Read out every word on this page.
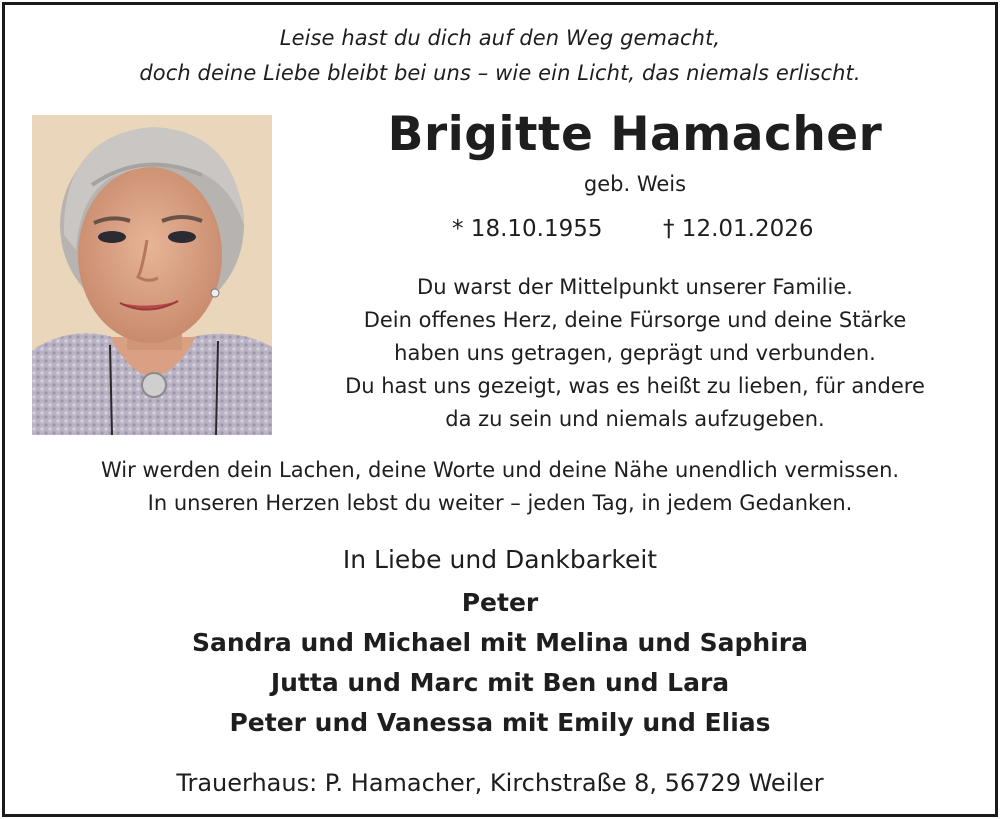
Leise hast du dich auf den Weg gemacht,
doch deine Liebe bleibt bei uns – wie ein Licht, das niemals erlischt.
Brigitte Hamacher
geb. Weis
* 18.10.1955	† 12.01.2026
Du warst der Mittelpunkt unserer Familie.
Dein offenes Herz, deine Fürsorge und deine Stärke
haben uns getragen, geprägt und verbunden.
Du hast uns gezeigt, was es heißt zu lieben, für andere
da zu sein und niemals aufzugeben.
Wir werden dein Lachen, deine Worte und deine Nähe unendlich vermissen.
In unseren Herzen lebst du weiter – jeden Tag, in jedem Gedanken.
In Liebe und Dankbarkeit
Peter
Sandra und Michael mit Melina und Saphira
Jutta und Marc mit Ben und Lara
Peter und Vanessa mit Emily und Elias
Trauerhaus: P. Hamacher, Kirchstraße 8, 56729 Weiler
